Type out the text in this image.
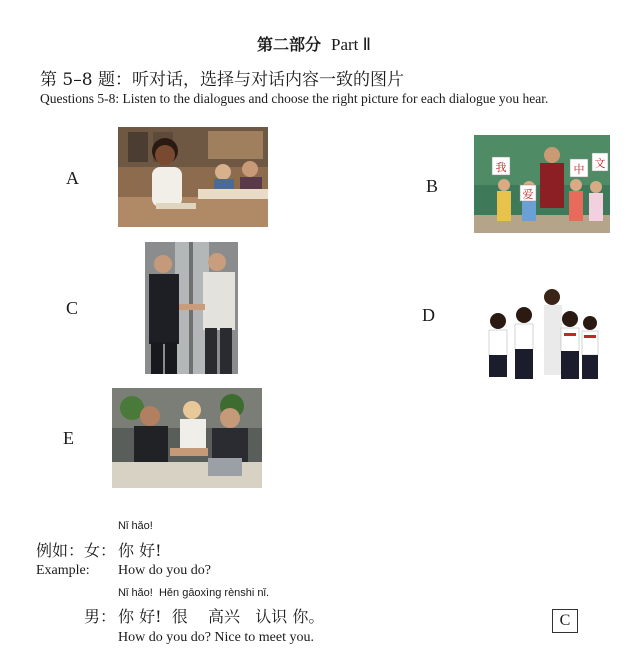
第二部分 Part Ⅱ
第 5–8 题：听对话，选择与对话内容一致的图片
Questions 5-8: Listen to the dialogues and choose the right picture for each dialogue you hear.
A	B
我
爱
中 文
C	D
E
Nǐ hǎo!
例如： 女： 你 好!
Example: How do you do?
Nǐ hǎo!  Hěn gāoxìng rènshi nǐ.
男： 你 好!  很    高兴   认识 你。
How do you do? Nice to meet you.
C
